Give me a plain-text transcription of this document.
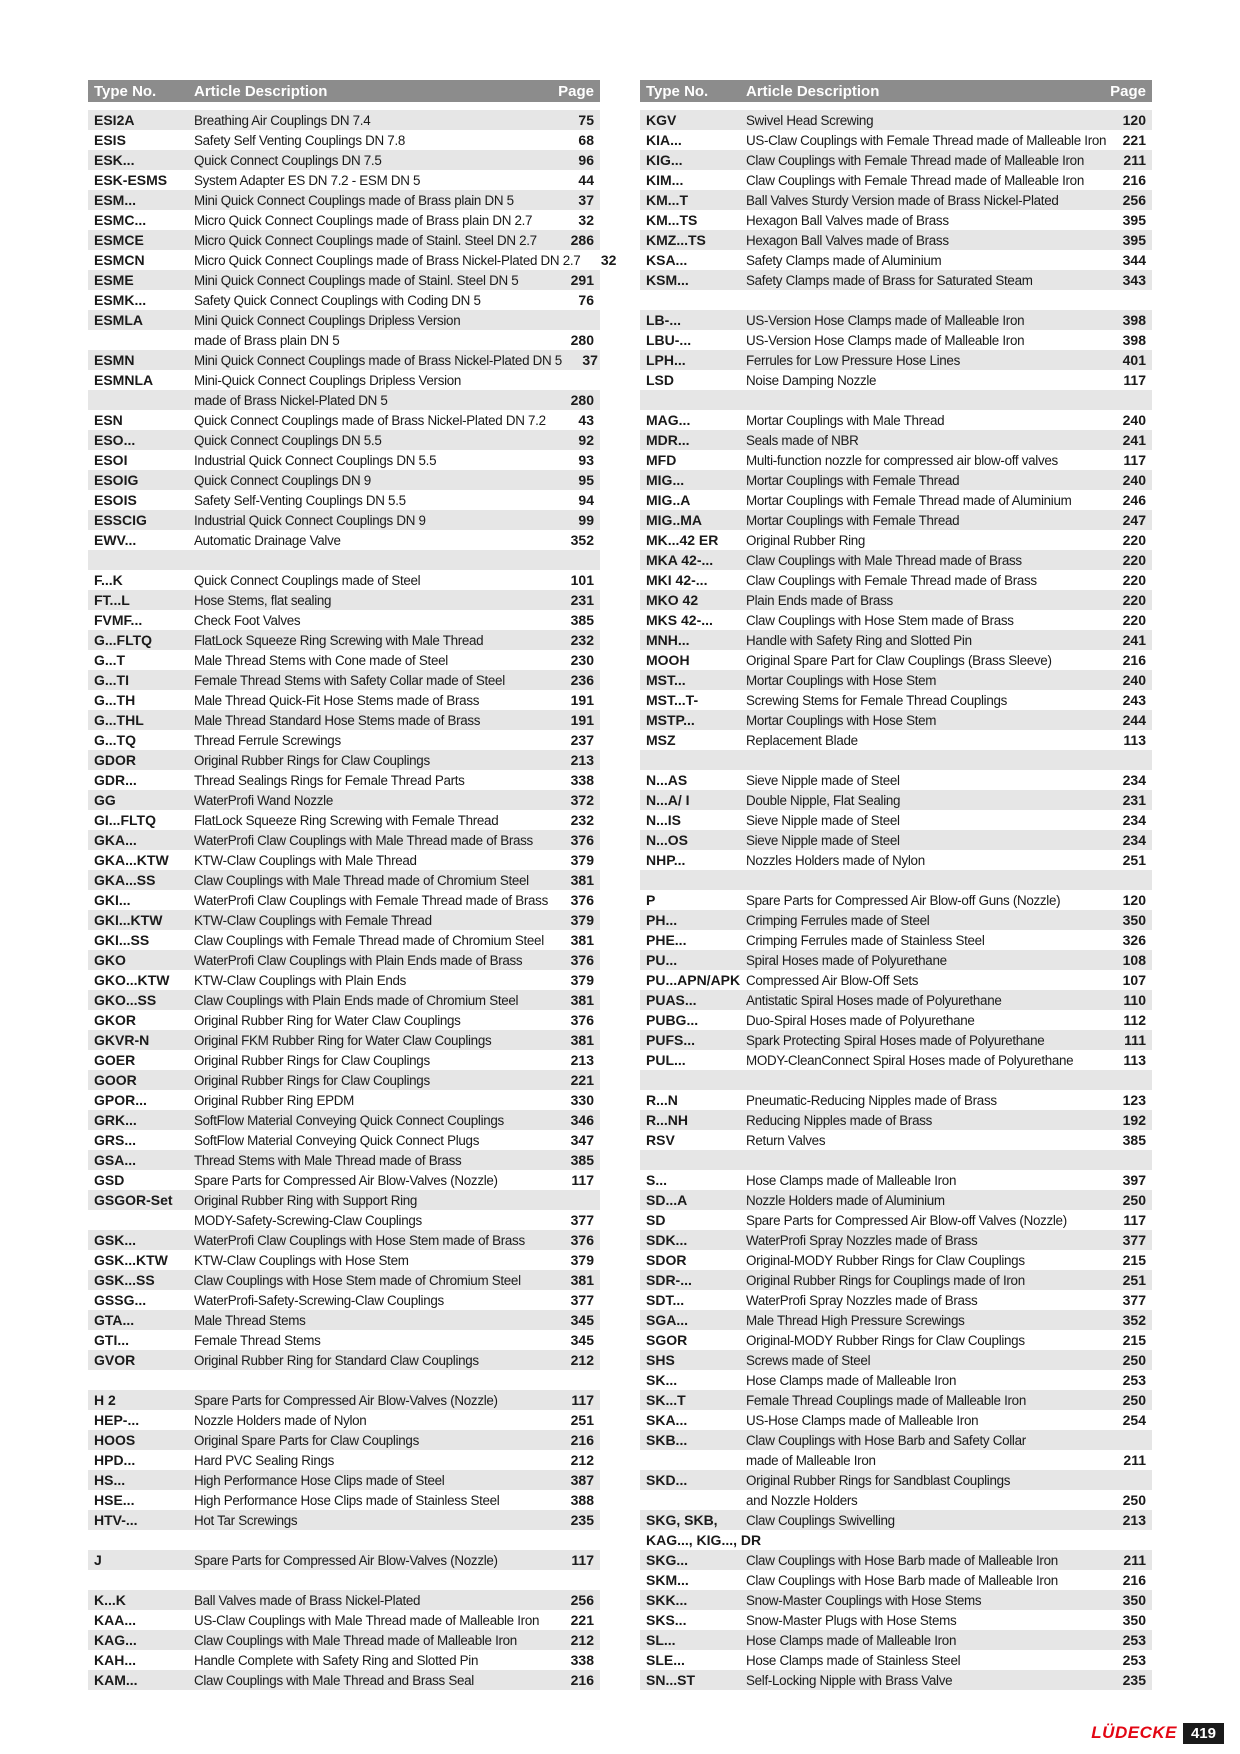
Type No.	Article Description	Page
ESI2A	Breathing Air Couplings DN 7.4	75
ESIS	Safety Self Venting Couplings DN 7.8	68
ESK...	Quick Connect Couplings DN 7.5	96
ESK-ESMS	System Adapter ES DN 7.2 - ESM DN 5	44
ESM...	Mini Quick Connect Couplings made of Brass plain DN 5	37
ESMC...	Micro Quick Connect Couplings made of Brass plain DN 2.7	32
ESMCE	Micro Quick Connect Couplings made of Stainl. Steel DN 2.7	286
ESMCN	Micro Quick Connect Couplings made of Brass Nickel-Plated DN 2.7	32
ESME	Mini Quick Connect Couplings made of Stainl. Steel DN 5	291
ESMK...	Safety Quick Connect Couplings with Coding DN 5	76
ESMLA	Mini Quick Connect Couplings Dripless Version
made of Brass plain DN 5	280
ESMN	Mini Quick Connect Couplings made of Brass Nickel-Plated DN 5	37
ESMNLA	Mini-Quick Connect Couplings Dripless Version
made of Brass Nickel-Plated DN 5	280
ESN	Quick Connect Couplings made of Brass Nickel-Plated DN 7.2	43
ESO...	Quick Connect Couplings DN 5.5	92
ESOI	Industrial Quick Connect Couplings DN 5.5	93
ESOIG	Quick Connect Couplings DN 9	95
ESOIS	Safety Self-Venting Couplings DN 5.5	94
ESSCIG	Industrial Quick Connect Couplings DN 9	99
EWV...	Automatic Drainage Valve	352
F...K	Quick Connect Couplings made of Steel	101
FT...L	Hose Stems, flat sealing	231
FVMF...	Check Foot Valves	385
G...FLTQ	FlatLock Squeeze Ring Screwing with Male Thread	232
G...T	Male Thread Stems with Cone made of Steel	230
G...TI	Female Thread Stems with Safety Collar made of Steel	236
G...TH	Male Thread Quick-Fit Hose Stems made of Brass	191
G...THL	Male Thread Standard Hose Stems made of Brass	191
G...TQ	Thread Ferrule Screwings	237
GDOR	Original Rubber Rings for Claw Couplings	213
GDR...	Thread Sealings Rings for Female Thread Parts	338
GG	WaterProfi Wand Nozzle	372
GI...FLTQ	FlatLock Squeeze Ring Screwing with Female Thread	232
GKA...	WaterProfi Claw Couplings with Male Thread made of Brass	376
GKA...KTW	KTW-Claw Couplings with Male Thread	379
GKA...SS	Claw Couplings with Male Thread made of Chromium Steel	381
GKI...	WaterProfi Claw Couplings with Female Thread made of Brass	376
GKI...KTW	KTW-Claw Couplings with Female Thread	379
GKI...SS	Claw Couplings with Female Thread made of Chromium Steel	381
GKO	WaterProfi Claw Couplings with Plain Ends made of Brass	376
GKO...KTW	KTW-Claw Couplings with Plain Ends	379
GKO...SS	Claw Couplings with Plain Ends made of Chromium Steel	381
GKOR	Original Rubber Ring for Water Claw Couplings	376
GKVR-N	Original FKM Rubber Ring for Water Claw Couplings	381
GOER	Original Rubber Rings for Claw Couplings	213
GOOR	Original Rubber Rings for Claw Couplings	221
GPOR...	Original Rubber Ring EPDM	330
GRK...	SoftFlow Material Conveying Quick Connect Couplings	346
GRS...	SoftFlow Material Conveying Quick Connect Plugs	347
GSA...	Thread Stems with Male Thread made of Brass	385
GSD	Spare Parts for Compressed Air Blow-Valves (Nozzle)	117
GSGOR-Set	Original Rubber Ring with Support Ring
MODY-Safety-Screwing-Claw Couplings	377
GSK...	WaterProfi Claw Couplings with Hose Stem made of Brass	376
GSK...KTW	KTW-Claw Couplings with Hose Stem	379
GSK...SS	Claw Couplings with Hose Stem made of Chromium Steel	381
GSSG...	WaterProfi-Safety-Screwing-Claw Couplings	377
GTA...	Male Thread Stems	345
GTI...	Female Thread Stems	345
GVOR	Original Rubber Ring for Standard Claw Couplings	212
H 2	Spare Parts for Compressed Air Blow-Valves (Nozzle)	117
HEP-...	Nozzle Holders made of Nylon	251
HOOS	Original Spare Parts for Claw Couplings	216
HPD...	Hard PVC Sealing Rings	212
HS...	High Performance Hose Clips made of Steel	387
HSE...	High Performance Hose Clips made of Stainless Steel	388
HTV-...	Hot Tar Screwings	235
J	Spare Parts for Compressed Air Blow-Valves (Nozzle)	117
K...K	Ball Valves made of Brass Nickel-Plated	256
KAA...	US-Claw Couplings with Male Thread made of Malleable Iron	221
KAG...	Claw Couplings with Male Thread made of Malleable Iron	212
KAH...	Handle Complete with Safety Ring and Slotted Pin	338
KAM...	Claw Couplings with Male Thread and Brass Seal	216
Type No.	Article Description	Page
KGV	Swivel Head Screwing	120
KIA...	US-Claw Couplings with Female Thread made of Malleable Iron	221
KIG...	Claw Couplings with Female Thread made of Malleable Iron	211
KIM...	Claw Couplings with Female Thread made of Malleable Iron	216
KM...T	Ball Valves Sturdy Version made of Brass Nickel-Plated	256
KM...TS	Hexagon Ball Valves made of Brass	395
KMZ...TS	Hexagon Ball Valves made of Brass	395
KSA...	Safety Clamps made of Aluminium	344
KSM...	Safety Clamps made of Brass for Saturated Steam	343
LB-...	US-Version Hose Clamps made of Malleable Iron	398
LBU-...	US-Version Hose Clamps made of Malleable Iron	398
LPH...	Ferrules for Low Pressure Hose Lines	401
LSD	Noise Damping Nozzle	117
MAG...	Mortar Couplings with Male Thread	240
MDR...	Seals made of NBR	241
MFD	Multi-function nozzle for compressed air blow-off valves	117
MIG...	Mortar Couplings with Female Thread	240
MIG..A	Mortar Couplings with Female Thread made of Aluminium	246
MIG..MA	Mortar Couplings with Female Thread	247
MK...42 ER	Original Rubber Ring	220
MKA 42-...	Claw Couplings with Male Thread made of Brass	220
MKI 42-...	Claw Couplings with Female Thread made of Brass	220
MKO 42	Plain Ends made of Brass	220
MKS 42-...	Claw Couplings with Hose Stem made of Brass	220
MNH...	Handle with Safety Ring and Slotted Pin	241
MOOH	Original Spare Part for Claw Couplings (Brass Sleeve)	216
MST...	Mortar Couplings with Hose Stem	240
MST...T-	Screwing Stems for Female Thread Couplings	243
MSTP...	Mortar Couplings with Hose Stem	244
MSZ	Replacement Blade	113
N...AS	Sieve Nipple made of Steel	234
N...A/ I	Double Nipple, Flat Sealing	231
N...IS	Sieve Nipple made of Steel	234
N...OS	Sieve Nipple made of Steel	234
NHP...	Nozzles Holders made of Nylon	251
P	Spare Parts for Compressed Air Blow-off Guns (Nozzle)	120
PH...	Crimping Ferrules made of Steel	350
PHE...	Crimping Ferrules made of Stainless Steel	326
PU...	Spiral Hoses made of Polyurethane	108
PU...APN/APK Compressed Air Blow-Off Sets	107
PUAS...	Antistatic Spiral Hoses made of Polyurethane	110
PUBG...	Duo-Spiral Hoses made of Polyurethane	112
PUFS...	Spark Protecting Spiral Hoses made of Polyurethane	111
PUL...	MODY-CleanConnect Spiral Hoses made of Polyurethane	113
R...N	Pneumatic-Reducing Nipples made of Brass	123
R...NH	Reducing Nipples made of Brass	192
RSV	Return Valves	385
S...	Hose Clamps made of Malleable Iron	397
SD...A	Nozzle Holders made of Aluminium	250
SD	Spare Parts for Compressed Air Blow-off Valves (Nozzle)	117
SDK...	WaterProfi Spray Nozzles made of Brass	377
SDOR	Original-MODY Rubber Rings for Claw Couplings	215
SDR-...	Original Rubber Rings for Couplings made of Iron	251
SDT...	WaterProfi Spray Nozzles made of Brass	377
SGA...	Male Thread High Pressure Screwings	352
SGOR	Original-MODY Rubber Rings for Claw Couplings	215
SHS	Screws made of Steel	250
SK...	Hose Clamps made of Malleable Iron	253
SK...T	Female Thread Couplings made of Malleable Iron	250
SKA...	US-Hose Clamps made of Malleable Iron	254
SKB...	Claw Couplings with Hose Barb and Safety Collar
made of Malleable Iron	211
SKD...	Original Rubber Rings for Sandblast Couplings
and Nozzle Holders	250
SKG, SKB,	Claw Couplings Swivelling	213
KAG..., KIG..., DR
SKG...	Claw Couplings with Hose Barb made of Malleable Iron	211
SKM...	Claw Couplings with Hose Barb made of Malleable Iron	216
SKK...	Snow-Master Couplings with Hose Stems	350
SKS...	Snow-Master Plugs with Hose Stems	350
SL...	Hose Clamps made of Malleable Iron	253
SLE...	Hose Clamps made of Stainless Steel	253
SN...ST	Self-Locking Nipple with Brass Valve	235
LÜDECKE 419
